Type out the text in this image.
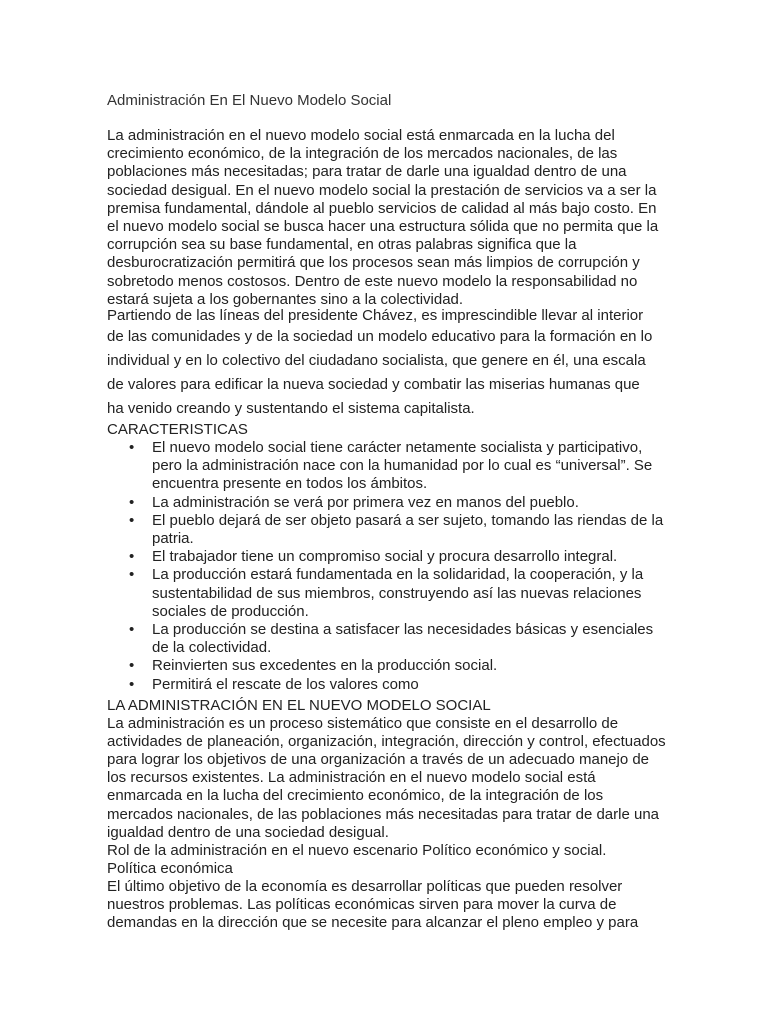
Administración En El Nuevo Modelo Social

La administración en el nuevo modelo social está enmarcada en la lucha del crecimiento económico, de la integración de los mercados nacionales, de las poblaciones más necesitadas; para tratar de darle una igualdad dentro de una sociedad desigual. En el nuevo modelo social la prestación de servicios va a ser la premisa fundamental, dándole al pueblo servicios de calidad al más bajo costo. En el nuevo modelo social se busca hacer una estructura sólida que no permita que la corrupción sea su base fundamental, en otras palabras significa que la desburocratización permitirá que los procesos sean más limpios de corrupción y sobretodo menos costosos. Dentro de este nuevo modelo la responsabilidad no estará sujeta a los gobernantes sino a la colectividad.

Partiendo de las líneas del presidente Chávez, es imprescindible llevar al interior
de las comunidades y de la sociedad un modelo educativo para la formación en lo
individual y en lo colectivo del ciudadano socialista, que genere en él, una escala
de valores para edificar la nueva sociedad y combatir las miserias humanas que
ha venido creando y sustentando el sistema capitalista.
CARACTERISTICAS
• El nuevo modelo social tiene carácter netamente socialista y participativo, pero la administración nace con la humanidad por lo cual es “universal”. Se encuentra presente en todos los ámbitos.
• La administración se verá por primera vez en manos del pueblo.
• El pueblo dejará de ser objeto pasará a ser sujeto, tomando las riendas de la patria.
• El trabajador tiene un compromiso social y procura desarrollo integral.
• La producción estará fundamentada en la solidaridad, la cooperación, y la sustentabilidad de sus miembros, construyendo así las nuevas relaciones sociales de producción.
• La producción se destina a satisfacer las necesidades básicas y esenciales de la colectividad.
• Reinvierten sus excedentes en la producción social.
• Permitirá el rescate de los valores como

LA ADMINISTRACIÓN EN EL NUEVO MODELO SOCIAL

La administración es un proceso sistemático que consiste en el desarrollo de actividades de planeación, organización, integración, dirección y control, efectuados para lograr los objetivos de una organización a través de un adecuado manejo de los recursos existentes. La administración en el nuevo modelo social está enmarcada en la lucha del crecimiento económico, de la integración de los mercados nacionales, de las poblaciones más necesitadas para tratar de darle una igualdad dentro de una sociedad desigual.

Rol de la administración en el nuevo escenario Político económico y social.

Política económica

El último objetivo de la economía es desarrollar políticas que pueden resolver nuestros problemas. Las políticas económicas sirven para mover la curva de demandas en la dirección que se necesite para alcanzar el pleno empleo y para
